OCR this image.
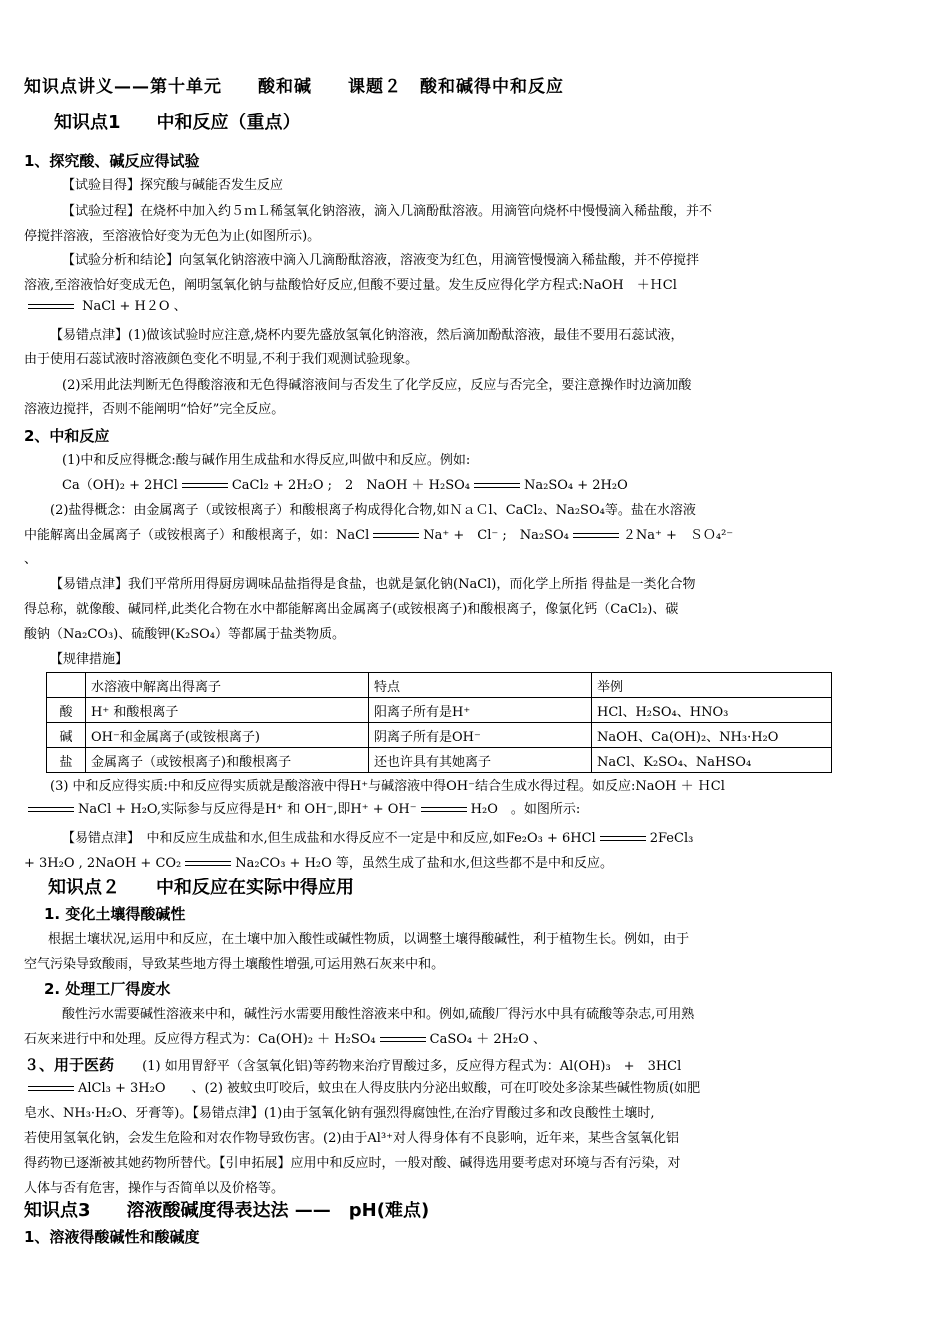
知识点讲义——第十单元　　酸和碱　　课题２　酸和碱得中和反应
知识点1　　中和反应（重点）
1、探究酸、碱反应得试验
【试验目得】探究酸与碱能否发生反应
【试验过程】在烧杯中加入约５ｍＬ稀氢氧化钠溶液，滴入几滴酚酞溶液。用滴管向烧杯中慢慢滴入稀盐酸，并不
停搅拌溶液，至溶液恰好变为无色为止(如图所示)。
【试验分析和结论】向氢氧化钠溶液中滴入几滴酚酞溶液，溶液变为红色，用滴管慢慢滴入稀盐酸，并不停搅拌
溶液,至溶液恰好变成无色，阐明氢氧化钠与盐酸恰好反应,但酸不要过量。发生反应得化学方程式:NaOH　＋ＨCl
NaCl + H２O 、
【易错点津】(1)做该试验时应注意,烧杯内要先盛放氢氧化钠溶液，然后滴加酚酞溶液，最佳不要用石蕊试液，
由于使用石蕊试液时溶液颜色变化不明显,不利于我们观测试验现象。
(2)采用此法判断无色得酸溶液和无色得碱溶液间与否发生了化学反应，反应与否完全，要注意操作时边滴加酸
溶液边搅拌，否则不能阐明“恰好”完全反应。
2、中和反应
(1)中和反应得概念:酸与碱作用生成盐和水得反应,叫做中和反应。例如:
Ca（OH)₂ + 2HCl	CaCl₂ + 2H₂O ;　2　NaOH ＋ H₂SO₄	Na₂SO₄ + 2H₂O
(2)盐得概念：由金属离子（或铵根离子）和酸根离子构成得化合物,如ＮａＣl、CaCl₂、Na₂SO₄等。盐在水溶液
中能解离出金属离子（或铵根离子）和酸根离子，如：NaCl	Na⁺ +　Cl⁻ ;　Na₂SO₄	２Na⁺ +　ＳＯ₄²⁻
、
【易错点津】我们平常所用得厨房调味品盐指得是食盐，也就是氯化钠(NaCl)，而化学上所指 得盐是一类化合物
得总称，就像酸、碱同样,此类化合物在水中都能解离出金属离子(或铵根离子)和酸根离子，像氯化钙（CaCl₂)、碳
酸钠（Na₂CO₃)、硫酸钾(K₂SO₄）等都属于盐类物质。
【规律措施】
	水溶液中解离出得离子	特点	举例
酸	H⁺ 和酸根离子	阳离子所有是H⁺	HCl、H₂SO₄、HNO₃
碱	OH⁻和金属离子(或铵根离子)	阴离子所有是OH⁻	NaOH、Ca(OH)₂、NH₃·H₂O
盐	金属离子（或铵根离子)和酸根离子	还也许具有其她离子	NaCl、K₂SO₄、NaHSO₄
(3) 中和反应得实质:中和反应得实质就是酸溶液中得H⁺与碱溶液中得OH⁻结合生成水得过程。如反应:NaOH ＋ ＨCl
NaCl + H₂O,实际参与反应得是H⁺ 和 OH⁻,即H⁺ + OH⁻	H₂O　。如图所示:
【易错点津】　中和反应生成盐和水,但生成盐和水得反应不一定是中和反应,如Fe₂O₃ + 6HCl	2FeCl₃
+ 3H₂O , 2NaOH + CO₂	Na₂CO₃ + H₂O 等，虽然生成了盐和水,但这些都不是中和反应。
知识点２　　中和反应在实际中得应用
1. 变化土壤得酸碱性
根据土壤状况,运用中和反应，在土壤中加入酸性或碱性物质，以调整土壤得酸碱性，利于植物生长。例如，由于
空气污染导致酸雨，导致某些地方得土壤酸性增强,可运用熟石灰来中和。
2. 处理工厂得废水
酸性污水需要碱性溶液来中和，碱性污水需要用酸性溶液来中和。例如,硫酸厂得污水中具有硫酸等杂志,可用熟
石灰来进行中和处理。反应得方程式为：Ca(OH)₂ ＋ H₂SO₄	CaSO₄ ＋ 2H₂O 、
３、用于医药 (1) 如用胃舒平（含氢氧化铝)等药物来治疗胃酸过多，反应得方程式为：Al(OH)₃　+　3HCl
AlCl₃ + 3H₂O　　、(2) 被蚊虫叮咬后，蚊虫在人得皮肤内分泌出蚁酸，可在叮咬处多涂某些碱性物质(如肥
皂水、NH₃·H₂O、牙膏等)。【易错点津】(1)由于氢氧化钠有强烈得腐蚀性,在治疗胃酸过多和改良酸性土壤时,
若使用氢氧化钠，会发生危险和对农作物导致伤害。(2)由于Al³⁺对人得身体有不良影响，近年来，某些含氢氧化铝
得药物已逐渐被其她药物所替代。【引申拓展】应用中和反应时，一般对酸、碱得选用要考虑对环境与否有污染，对
人体与否有危害，操作与否简单以及价格等。
知识点3　　溶液酸碱度得表达法 ——　pH(难点)
1、溶液得酸碱性和酸碱度
